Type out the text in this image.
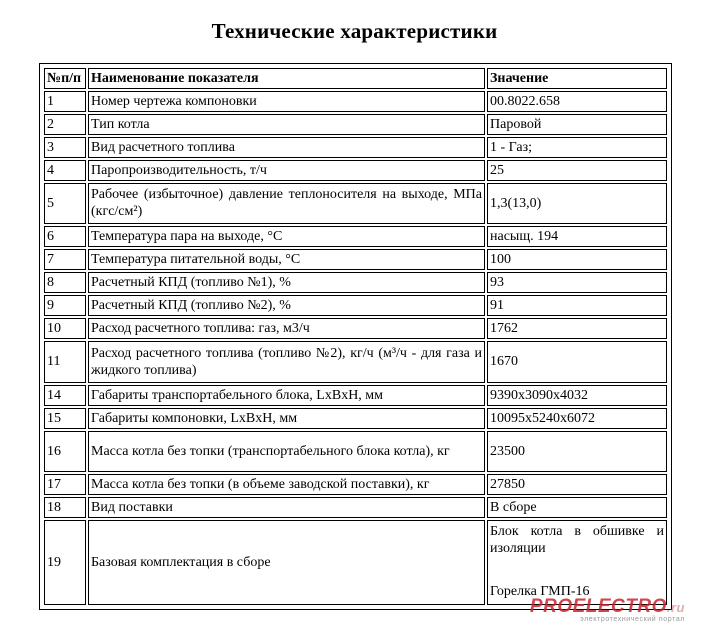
Технические характеристики
№п/п	Наименование показателя	Значение
1	Номер чертежа компоновки	00.8022.658
2	Тип котла	Паровой
3	Вид расчетного топлива	1 - Газ;
4	Паропроизводительность, т/ч	25
5	Рабочее (избыточное) давление теплоносителя на выходе, МПа (кгс/см²)	1,3(13,0)
6	Температура пара на выходе, °С	насыщ. 194
7	Температура питательной воды, °С	100
8	Расчетный КПД (топливо №1), %	93
9	Расчетный КПД (топливо №2), %	91
10	Расход расчетного топлива: газ, м3/ч	1762
11	Расход расчетного топлива (топливо №2), кг/ч (м³/ч - для газа и жидкого топлива)	1670
14	Габариты транспортабельного блока, LxBxH, мм	9390x3090x4032
15	Габариты компоновки, LxBxH, мм	10095x5240x6072
16	Масса котла без топки (транспортабельного блока котла), кг	23500
17	Масса котла без топки (в объеме заводской поставки), кг	27850
18	Вид поставки	В сборе
19	Базовая комплектация в сборе	Блок котла в обшивке и изоляции
Горелка ГМП-16
PROELECTRO.ru
электротехнический портал
